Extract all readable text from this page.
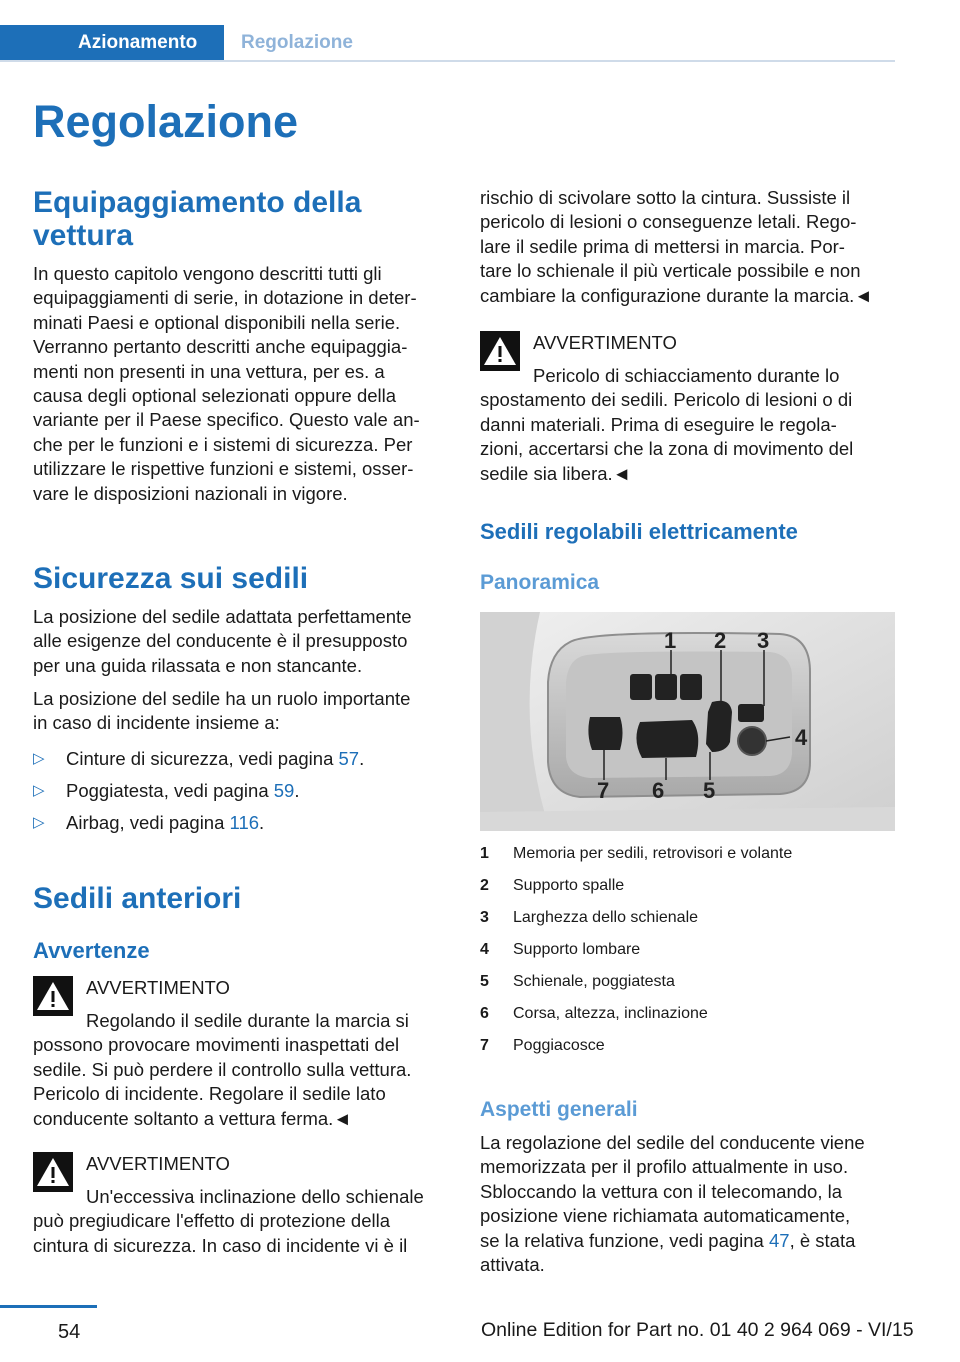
Azionamento	Regolazione
Regolazione
Equipaggiamento della
vettura
In questo capitolo vengono descritti tutti gli
equipaggiamenti di serie, in dotazione in deter‐
minati Paesi e optional disponibili nella serie.
Verranno pertanto descritti anche equipaggia‐
menti non presenti in una vettura, per es. a
causa degli optional selezionati oppure della
variante per il Paese specifico. Questo vale an‐
che per le funzioni e i sistemi di sicurezza. Per
utilizzare le rispettive funzioni e sistemi, osser‐
vare le disposizioni nazionali in vigore.
Sicurezza sui sedili
La posizione del sedile adattata perfettamente
alle esigenze del conducente è il presupposto
per una guida rilassata e non stancante.
La posizione del sedile ha un ruolo importante
in caso di incidente insieme a:
▷ Cinture di sicurezza, vedi pagina 57.
▷ Poggiatesta, vedi pagina 59.
▷ Airbag, vedi pagina 116.
Sedili anteriori
Avvertenze
AVVERTIMENTO
Regolando il sedile durante la marcia si
possono provocare movimenti inaspettati del
sedile. Si può perdere il controllo sulla vettura.
Pericolo di incidente. Regolare il sedile lato
conducente soltanto a vettura ferma.◄
AVVERTIMENTO
Un'eccessiva inclinazione dello schienale
può pregiudicare l'effetto di protezione della
cintura di sicurezza. In caso di incidente vi è il
rischio di scivolare sotto la cintura. Sussiste il
pericolo di lesioni o conseguenze letali. Rego‐
lare il sedile prima di mettersi in marcia. Por‐
tare lo schienale il più verticale possibile e non
cambiare la configurazione durante la marcia.◄
AVVERTIMENTO
Pericolo di schiacciamento durante lo
spostamento dei sedili. Pericolo di lesioni o di
danni materiali. Prima di eseguire le regola‐
zioni, accertarsi che la zona di movimento del
sedile sia libera.◄
Sedili regolabili elettricamente
Panoramica
1 2 3
4
5
6
7
1 Memoria per sedili, retrovisori e volante
2 Supporto spalle
3 Larghezza dello schienale
4 Supporto lombare
5 Schienale, poggiatesta
6 Corsa, altezza, inclinazione
7 Poggiacosce
Aspetti generali
La regolazione del sedile del conducente viene
memorizzata per il profilo attualmente in uso.
Sbloccando la vettura con il telecomando, la
posizione viene richiamata automaticamente,
se la relativa funzione, vedi pagina 47, è stata
attivata.
54	Online Edition for Part no. 01 40 2 964 069 - VI/15
